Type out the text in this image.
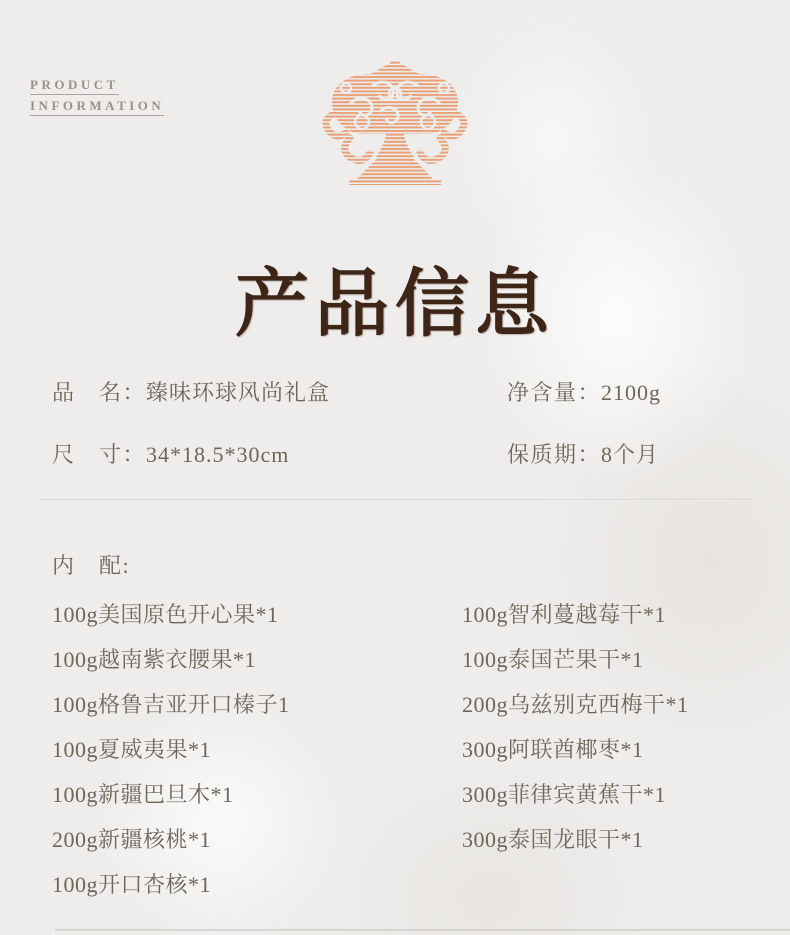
PRODUCT
INFORMATION
产品信息
品　名：臻味环球风尚礼盒	净含量：2100g
尺　寸：34*18.5*30cm	保质期：8个月
内　配:
100g美国原色开心果*1
100g越南紫衣腰果*1
100g格鲁吉亚开口榛子1
100g夏威夷果*1
100g新疆巴旦木*1
200g新疆核桃*1
100g开口杏核*1
100g智利蔓越莓干*1
100g泰国芒果干*1
200g乌兹别克西梅干*1
300g阿联酋椰枣*1
300g菲律宾黄蕉干*1
300g泰国龙眼干*1
